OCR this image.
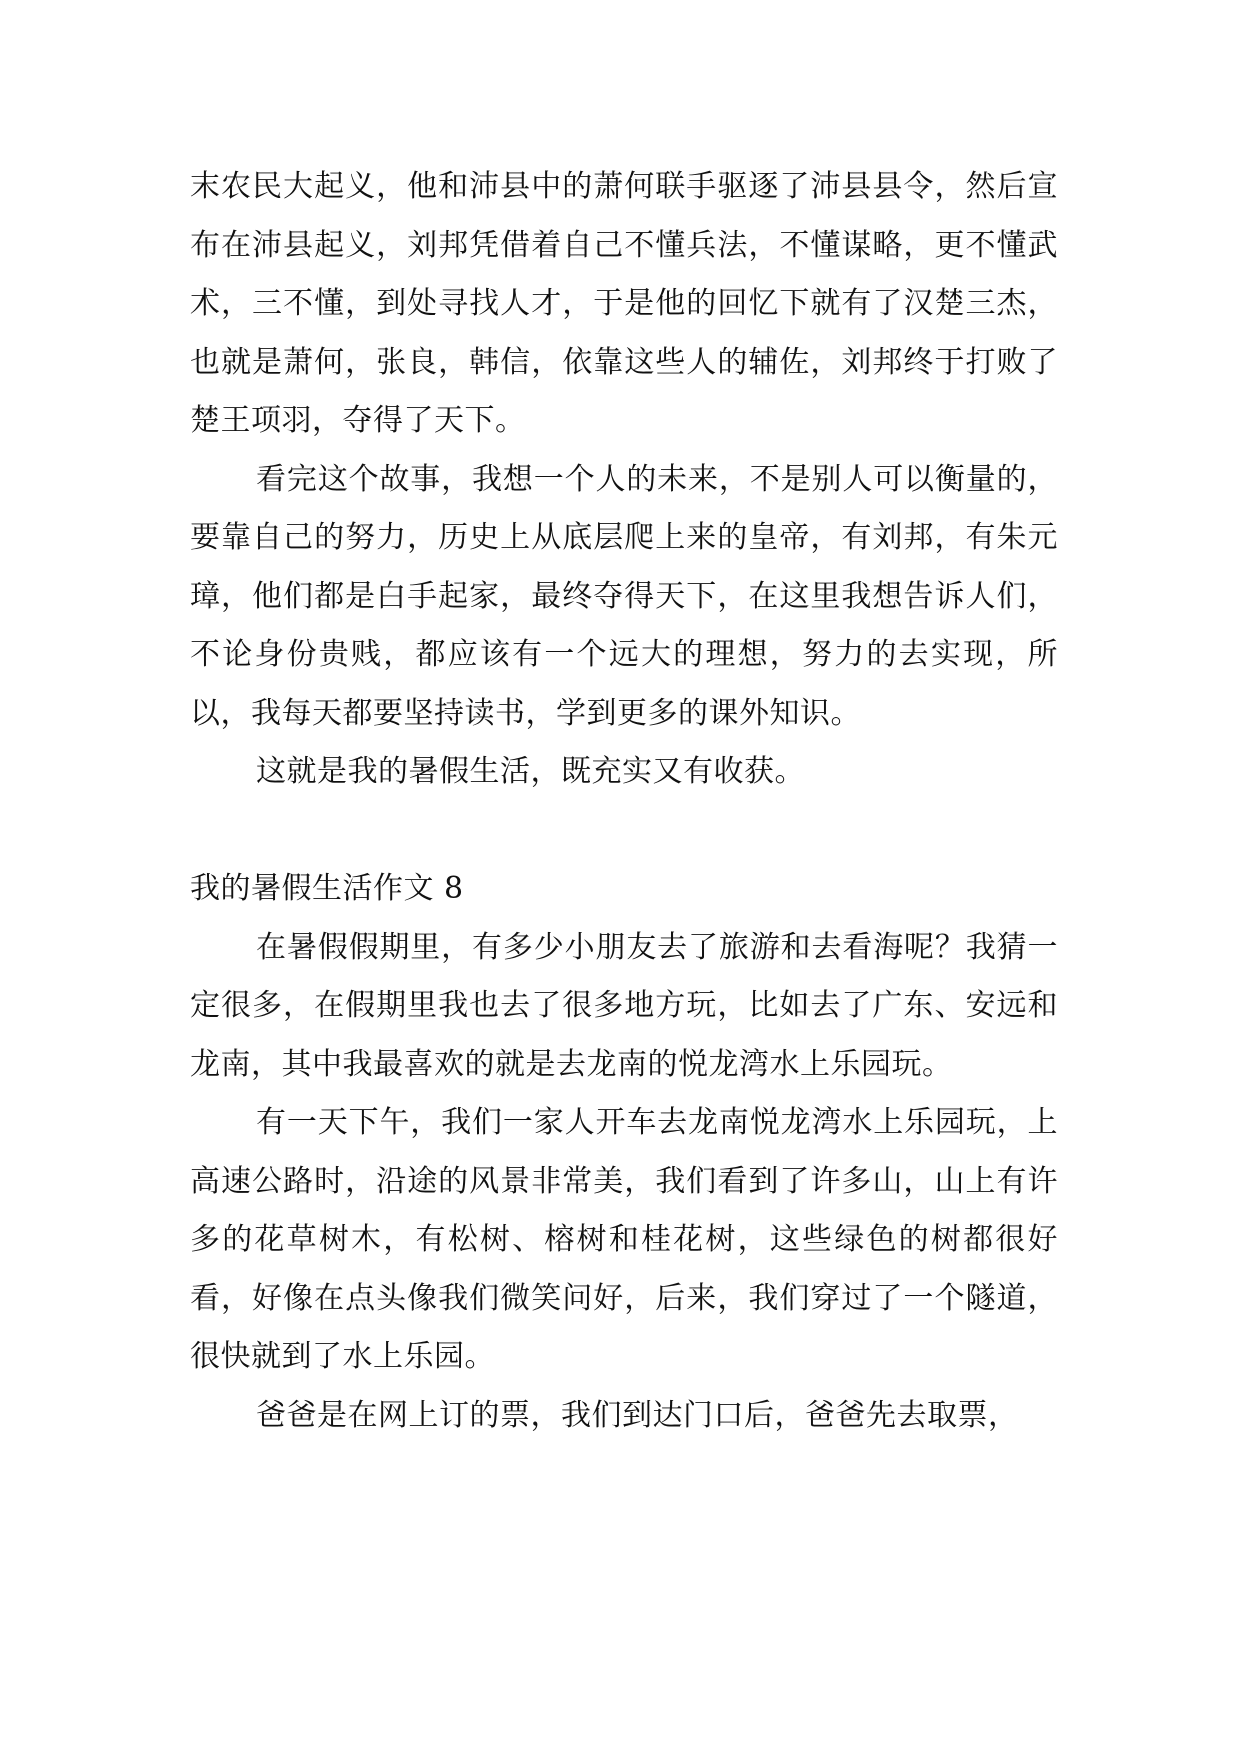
末农民大起义，他和沛县中的萧何联手驱逐了沛县县令，然后宣布在沛县起义，刘邦凭借着自己不懂兵法，不懂谋略，更不懂武术，三不懂，到处寻找人才，于是他的回忆下就有了汉楚三杰，也就是萧何，张良，韩信，依靠这些人的辅佐，刘邦终于打败了楚王项羽，夺得了天下。

看完这个故事，我想一个人的未来，不是别人可以衡量的，要靠自己的努力，历史上从底层爬上来的皇帝，有刘邦，有朱元璋，他们都是白手起家，最终夺得天下，在这里我想告诉人们，不论身份贵贱，都应该有一个远大的理想，努力的去实现，所以，我每天都要坚持读书，学到更多的课外知识。

这就是我的暑假生活，既充实又有收获。

我的暑假生活作文 8

在暑假假期里，有多少小朋友去了旅游和去看海呢？我猜一定很多，在假期里我也去了很多地方玩，比如去了广东、安远和龙南，其中我最喜欢的就是去龙南的悦龙湾水上乐园玩。

有一天下午，我们一家人开车去龙南悦龙湾水上乐园玩，上高速公路时，沿途的风景非常美，我们看到了许多山，山上有许多的花草树木，有松树、榕树和桂花树，这些绿色的树都很好看，好像在点头像我们微笑问好，后来，我们穿过了一个隧道，很快就到了水上乐园。

爸爸是在网上订的票，我们到达门口后，爸爸先去取票，
